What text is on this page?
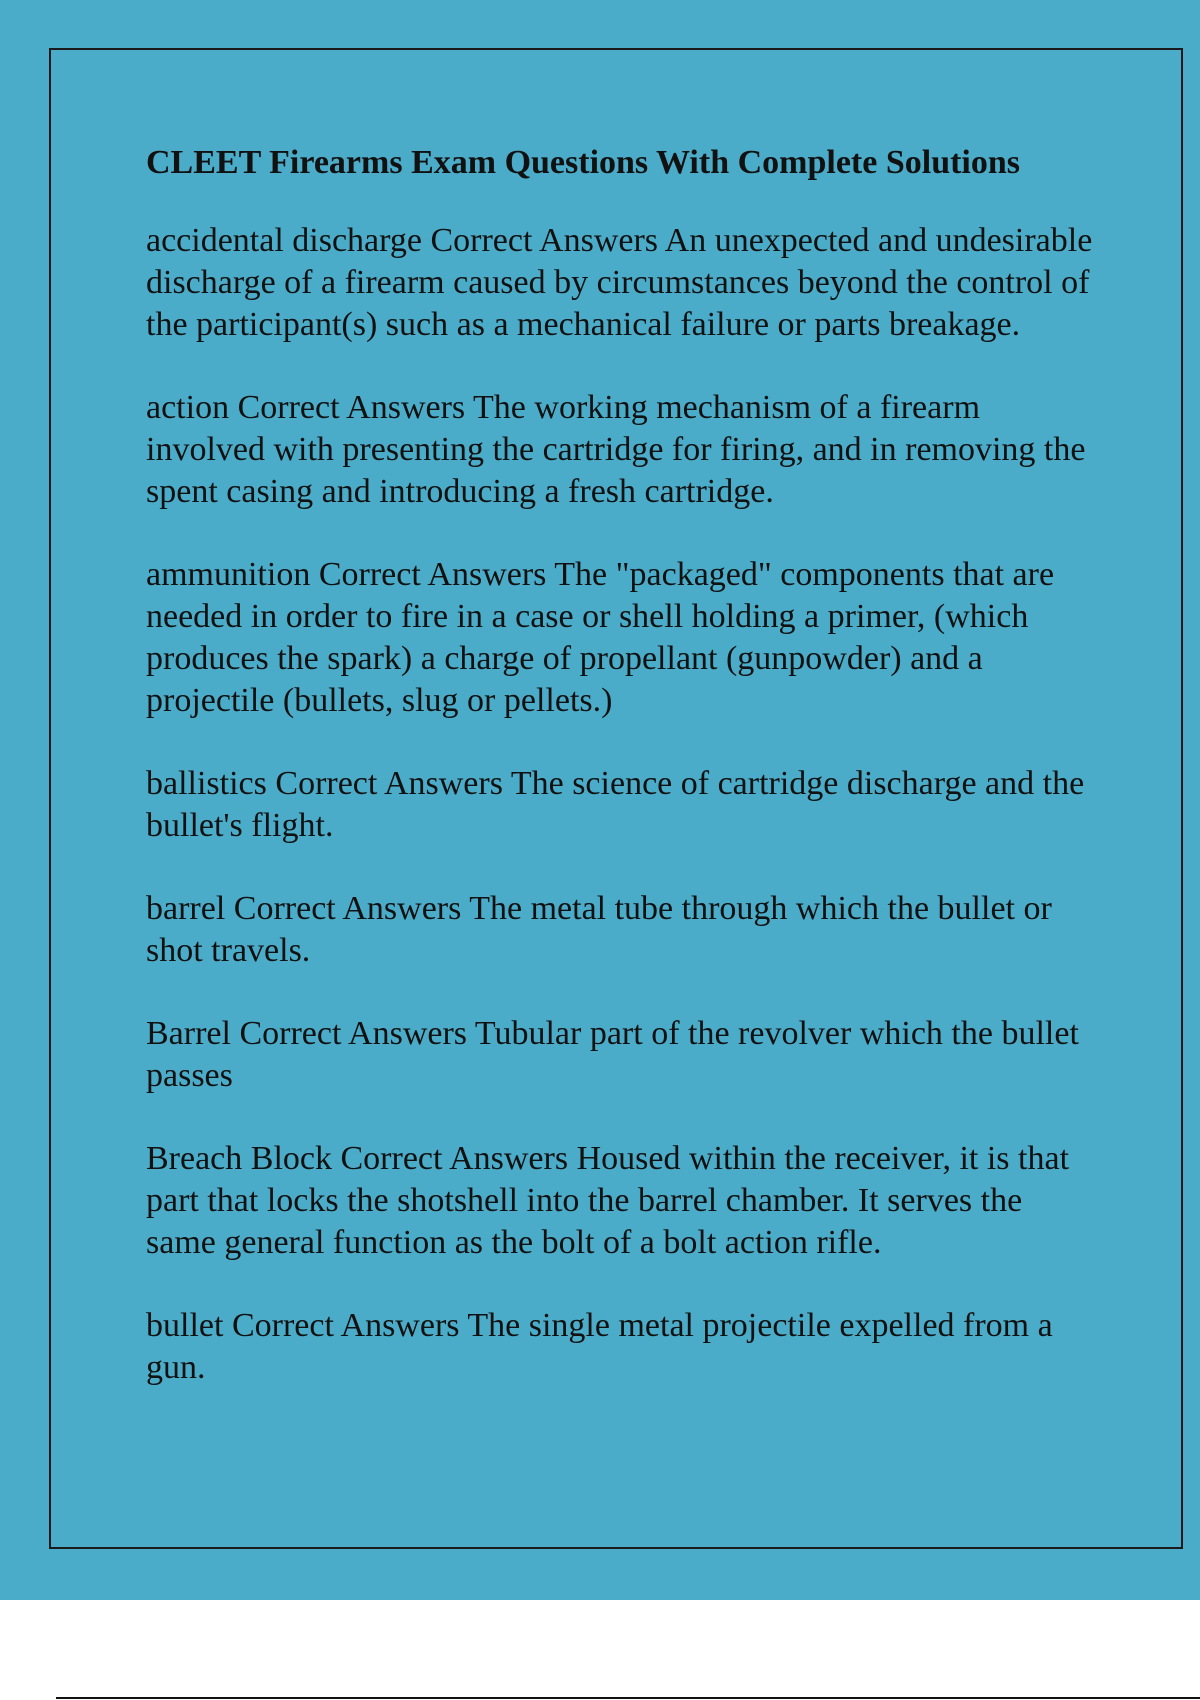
CLEET Firearms Exam Questions With Complete Solutions
accidental discharge Correct Answers An unexpected and undesirable discharge of a firearm caused by circumstances beyond the control of the participant(s) such as a mechanical failure or parts breakage.
action Correct Answers The working mechanism of a firearm involved with presenting the cartridge for firing, and in removing the spent casing and introducing a fresh cartridge.
ammunition Correct Answers The "packaged" components that are needed in order to fire in a case or shell holding a primer, (which produces the spark) a charge of propellant (gunpowder) and a projectile (bullets, slug or pellets.)
ballistics Correct Answers The science of cartridge discharge and the bullet's flight.
barrel Correct Answers The metal tube through which the bullet or shot travels.
Barrel Correct Answers Tubular part of the revolver which the bullet passes
Breach Block Correct Answers Housed within the receiver, it is that part that locks the shotshell into the barrel chamber. It serves the same general function as the bolt of a bolt action rifle.
bullet Correct Answers The single metal projectile expelled from a gun.
